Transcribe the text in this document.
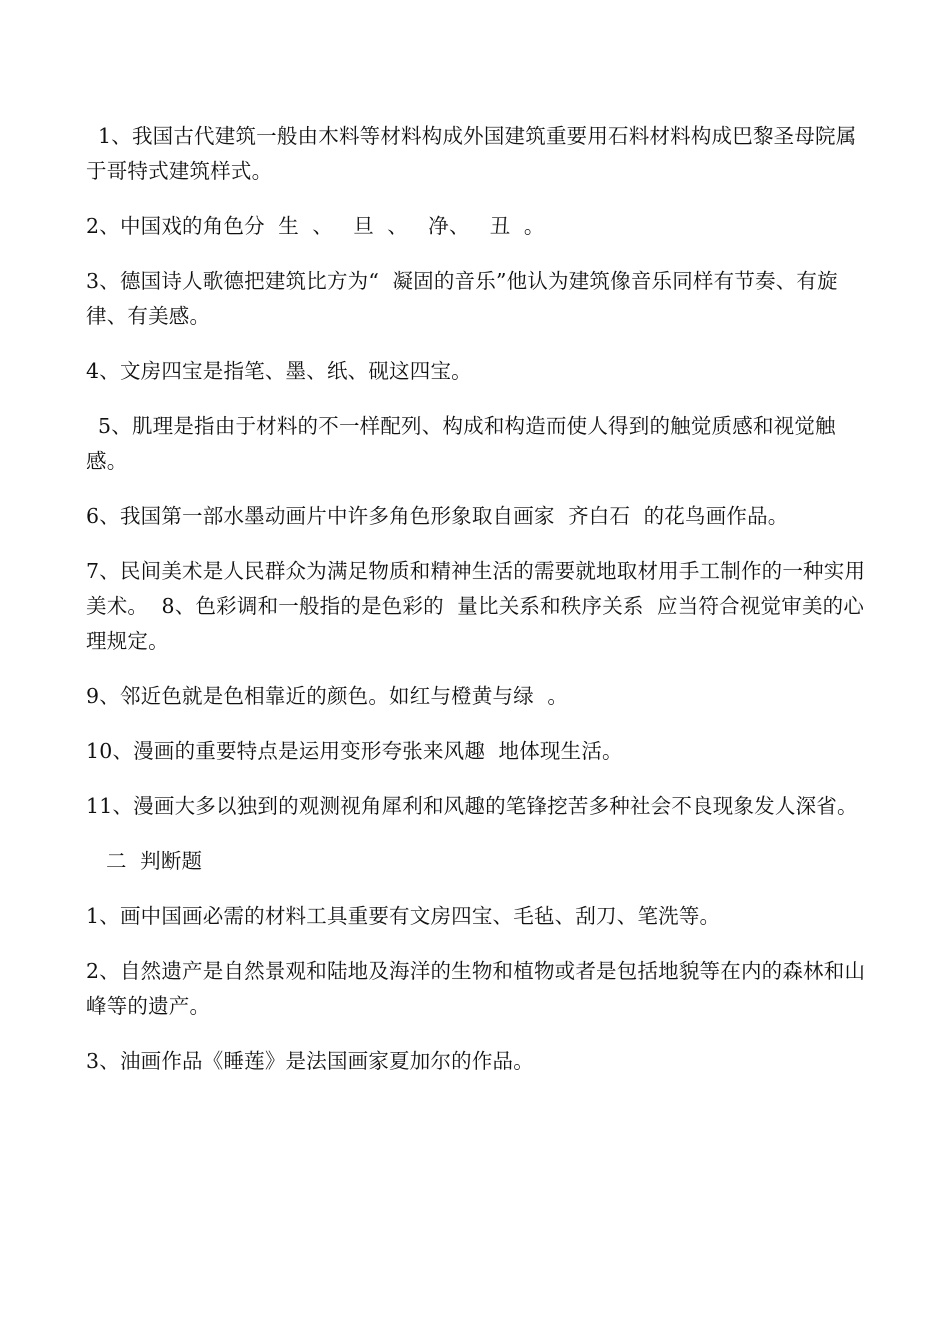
1、我国古代建筑一般由木料等材料构成外国建筑重要用石料材料构成巴黎圣母院属于哥特式建筑样式。

2、中国戏的角色分  生  、   旦  、   净、   丑  。

3、德国诗人歌德把建筑比方为“  凝固的音乐”他认为建筑像音乐同样有节奏、有旋律、有美感。

4、文房四宝是指笔、墨、纸、砚这四宝。

5、肌理是指由于材料的不一样配列、构成和构造而使人得到的触觉质感和视觉触感。

6、我国第一部水墨动画片中许多角色形象取自画家  齐白石  的花鸟画作品。

7、民间美术是人民群众为满足物质和精神生活的需要就地取材用手工制作的一种实用美术。  8、色彩调和一般指的是色彩的  量比关系和秩序关系  应当符合视觉审美的心理规定。

9、邻近色就是色相靠近的颜色。如红与橙黄与绿  。

10、漫画的重要特点是运用变形夸张来风趣  地体现生活。

11、漫画大多以独到的观测视角犀利和风趣的笔锋挖苦多种社会不良现象发人深省。

二  判断题

1、画中国画必需的材料工具重要有文房四宝、毛毡、刮刀、笔洗等。

2、自然遗产是自然景观和陆地及海洋的生物和植物或者是包括地貌等在内的森林和山峰等的遗产。

3、油画作品《睡莲》是法国画家夏加尔的作品。
